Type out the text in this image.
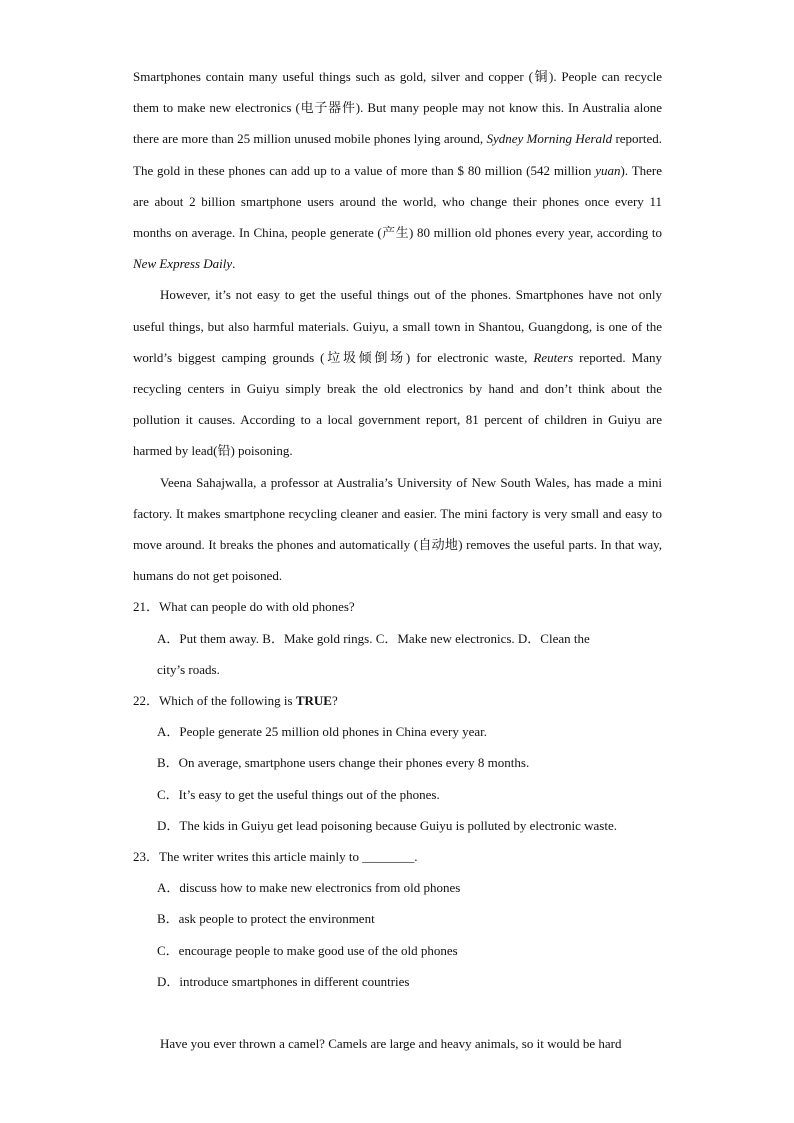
Smartphones contain many useful things such as gold, silver and copper (铜). People can recycle them to make new electronics (电子器件). But many people may not know this. In Australia alone there are more than 25 million unused mobile phones lying around, Sydney Morning Herald reported. The gold in these phones can add up to a value of more than $ 80 million (542 million yuan). There are about 2 billion smartphone users around the world, who change their phones once every 11 months on average. In China, people generate (产生) 80 million old phones every year, according to New Express Daily.

However, it’s not easy to get the useful things out of the phones. Smartphones have not only useful things, but also harmful materials. Guiyu, a small town in Shantou, Guangdong, is one of the world’s biggest camping grounds (垃圾倾倒场) for electronic waste, Reuters reported. Many recycling centers in Guiyu simply break the old electronics by hand and don’t think about the pollution it causes. According to a local government report, 81 percent of children in Guiyu are harmed by lead(铅) poisoning.

Veena Sahajwalla, a professor at Australia’s University of New South Wales, has made a mini factory. It makes smartphone recycling cleaner and easier. The mini factory is very small and easy to move around. It breaks the phones and automatically (自动地) removes the useful parts. In that way, humans do not get poisoned.

21．What can people do with old phones?

A．Put them away. B．Make gold rings. C．Make new electronics. D．Clean the

city’s roads.

22．Which of the following is TRUE?

A．People generate 25 million old phones in China every year.

B．On average, smartphone users change their phones every 8 months.

C．It’s easy to get the useful things out of the phones.

D．The kids in Guiyu get lead poisoning because Guiyu is polluted by electronic waste.

23．The writer writes this article mainly to ________.

A．discuss how to make new electronics from old phones

B．ask people to protect the environment

C．encourage people to make good use of the old phones

D．introduce smartphones in different countries

Have you ever thrown a camel? Camels are large and heavy animals, so it would be hard
